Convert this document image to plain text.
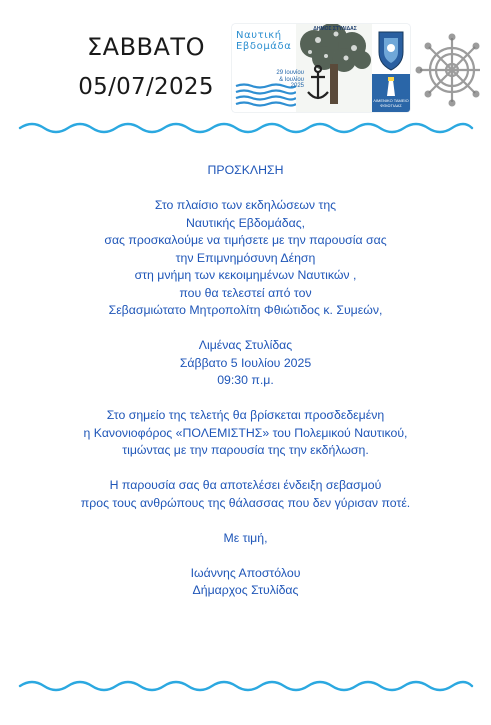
ΣΑΒΒΑΤΟ
05/07/2025
Ναυτική
Εβδομάδα
ΔΗΜΟΣ ΣΤΥΛΙΔΑΣ
29 Ιουνίου
& Ιουλίου
2025
ΛΙΜΕΝΙΚΟ ΤΑΜΕΙΟ ΦΘΙΩΤΙΔΑΣ
ΠΡΟΣΚΛΗΣΗ
Στο πλαίσιο των εκδηλώσεων της
Ναυτικής Εβδομάδας,
σας προσκαλούμε να τιμήσετε με την παρουσία σας
την Επιμνημόσυνη Δέηση
στη μνήμη των κεκοιμημένων Ναυτικών ,
που θα τελεστεί από τον
Σεβασμιώτατο Μητροπολίτη Φθιώτιδος κ. Συμεών,
Λιμένας Στυλίδας
Σάββατο 5 Ιουλίου 2025
09:30 π.μ.
Στο σημείο της τελετής θα βρίσκεται προσδεδεμένη
η Κανονιοφόρος «ΠΟΛΕΜΙΣΤΗΣ» του Πολεμικού Ναυτικού,
τιμώντας με την παρουσία της την εκδήλωση.
Η παρουσία σας θα αποτελέσει ένδειξη σεβασμού
προς τους ανθρώπους της θάλασσας που δεν γύρισαν ποτέ.
Με τιμή,
Ιωάννης Αποστόλου
Δήμαρχος Στυλίδας
